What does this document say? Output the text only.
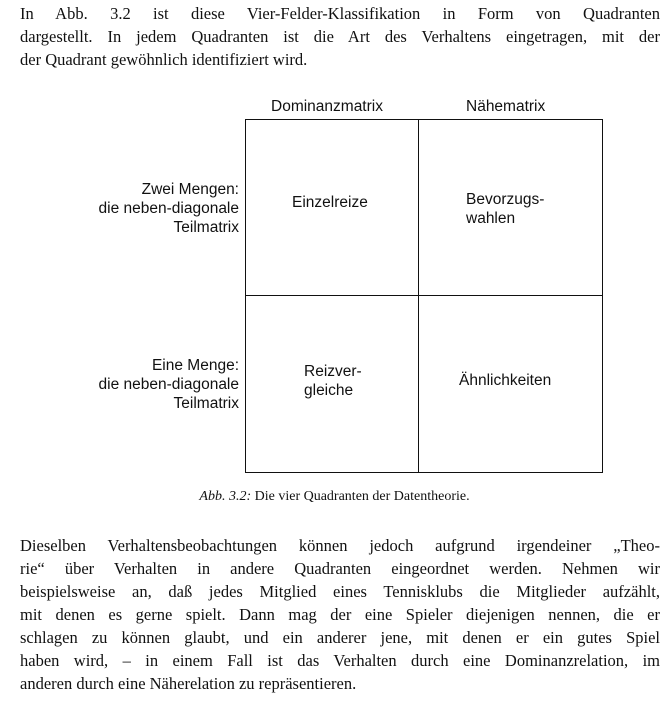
In Abb. 3.2 ist diese Vier-Felder-Klassifikation in Form von Quadranten
dargestellt. In jedem Quadranten ist die Art des Verhaltens eingetragen, mit der
der Quadrant gewöhnlich identifiziert wird.
Dominanzmatrix	Nähematrix
Zwei Mengen:
die neben-diagonale
Teilmatrix
Eine Menge:
die neben-diagonale
Teilmatrix
Einzelreize	Bevorzugs-
wahlen
Reizver-
gleiche
Ähnlichkeiten
Abb. 3.2: Die vier Quadranten der Datentheorie.
Dieselben Verhaltensbeobachtungen können jedoch aufgrund irgendeiner „Theo-
rie“ über Verhalten in andere Quadranten eingeordnet werden. Nehmen wir
beispielsweise an, daß jedes Mitglied eines Tennisklubs die Mitglieder aufzählt,
mit denen es gerne spielt. Dann mag der eine Spieler diejenigen nennen, die er
schlagen zu können glaubt, und ein anderer jene, mit denen er ein gutes Spiel
haben wird, – in einem Fall ist das Verhalten durch eine Dominanzrelation, im
anderen durch eine Näherelation zu repräsentieren.
